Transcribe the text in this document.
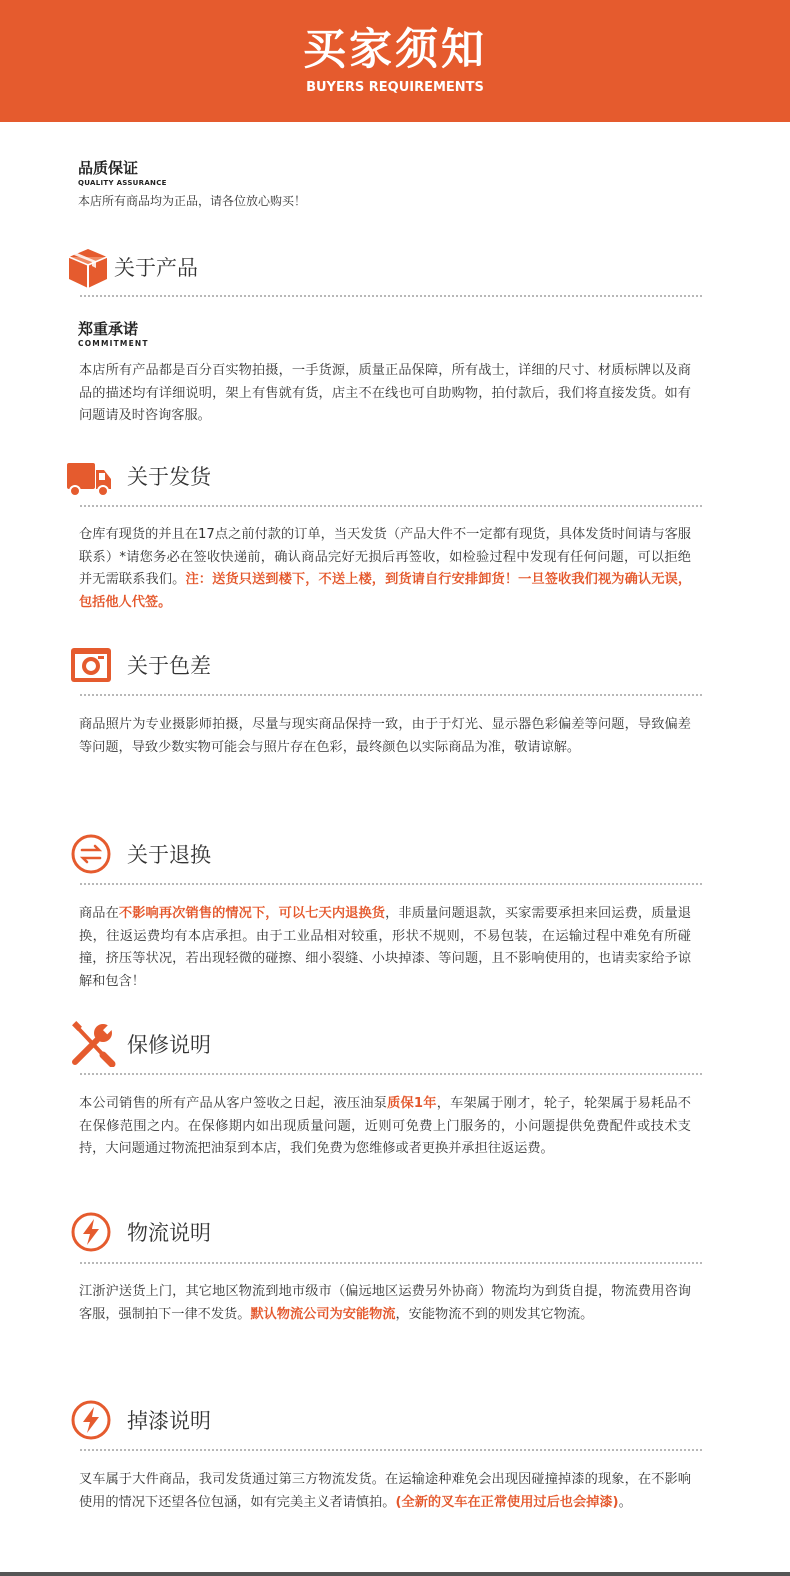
买家须知
BUYERS REQUIREMENTS
品质保证
QUALITY ASSURANCE
本店所有商品均为正品，请各位放心购买！
关于产品
郑重承诺
COMMITMENT
本店所有产品都是百分百实物拍摄，一手货源，质量正品保障，所有战士，详细的尺寸、材质标牌以及商品的描述均有详细说明，架上有售就有货，店主不在线也可自助购物，拍付款后，我们将直接发货。如有问题请及时咨询客服。
关于发货
仓库有现货的并且在17点之前付款的订单，当天发货（产品大件不一定都有现货，具体发货时间请与客服联系）*请您务必在签收快递前，确认商品完好无损后再签收，如检验过程中发现有任何问题，可以拒绝并无需联系我们。注：送货只送到楼下，不送上楼，到货请自行安排卸货！一旦签收我们视为确认无误，包括他人代签。
关于色差
商品照片为专业摄影师拍摄，尽量与现实商品保持一致，由于于灯光、显示器色彩偏差等问题，导致偏差等问题，导致少数实物可能会与照片存在色彩，最终颜色以实际商品为准，敬请谅解。
关于退换
商品在不影响再次销售的情况下，可以七天内退换货，非质量问题退款，买家需要承担来回运费，质量退换，往返运费均有本店承担。由于工业品相对较重，形状不规则，不易包装，在运输过程中难免有所碰撞，挤压等状况，若出现轻微的碰擦、细小裂缝、小块掉漆、等问题，且不影响使用的，也请卖家给予谅解和包含！
保修说明
本公司销售的所有产品从客户签收之日起，液压油泵质保1年，车架属于刚才，轮子，轮架属于易耗品不在保修范围之内。在保修期内如出现质量问题，近则可免费上门服务的，小问题提供免费配件或技术支持，大问题通过物流把油泵到本店，我们免费为您维修或者更换并承担往返运费。
物流说明
江浙沪送货上门，其它地区物流到地市级市（偏远地区运费另外协商）物流均为到货自提，物流费用咨询客服，强制拍下一律不发货。默认物流公司为安能物流，安能物流不到的则发其它物流。
掉漆说明
叉车属于大件商品，我司发货通过第三方物流发货。在运输途种难免会出现因碰撞掉漆的现象，在不影响使用的情况下还望各位包涵，如有完美主义者请慎拍。(全新的叉车在正常使用过后也会掉漆)。
